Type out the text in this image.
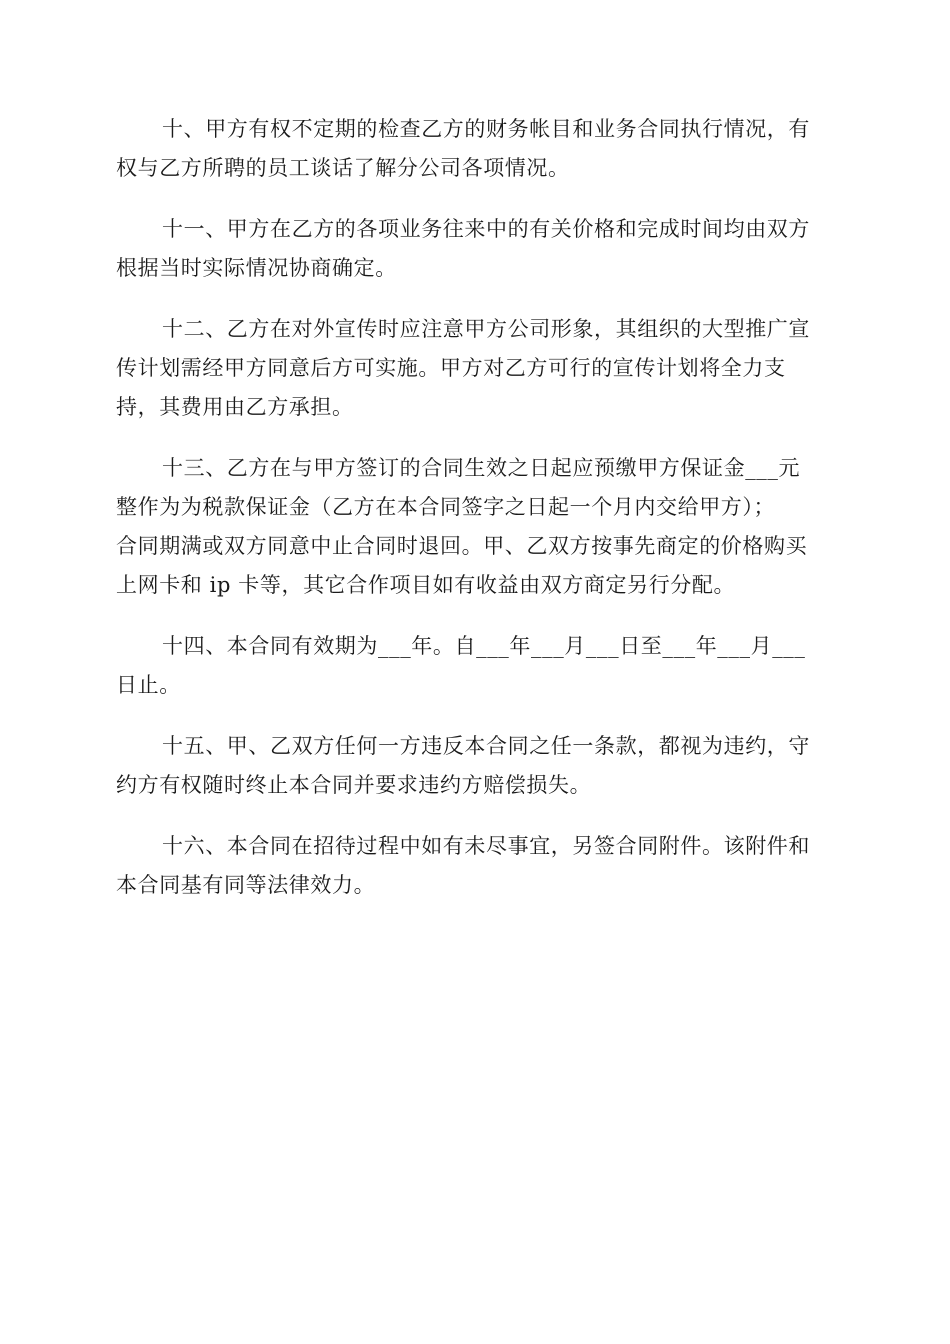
十、甲方有权不定期的检查乙方的财务帐目和业务合同执行情况，有
权与乙方所聘的员工谈话了解分公司各项情况。

十一、甲方在乙方的各项业务往来中的有关价格和完成时间均由双方
根据当时实际情况协商确定。

十二、乙方在对外宣传时应注意甲方公司形象，其组织的大型推广宣
传计划需经甲方同意后方可实施。甲方对乙方可行的宣传计划将全力支
持，其费用由乙方承担。

十三、乙方在与甲方签订的合同生效之日起应预缴甲方保证金___元
整作为为税款保证金（乙方在本合同签字之日起一个月内交给甲方）；
合同期满或双方同意中止合同时退回。甲、乙双方按事先商定的价格购买
上网卡和 ip 卡等，其它合作项目如有收益由双方商定另行分配。

十四、本合同有效期为___年。自___年___月___日至___年___月___
日止。

十五、甲、乙双方任何一方违反本合同之任一条款，都视为违约，守
约方有权随时终止本合同并要求违约方赔偿损失。

十六、本合同在招待过程中如有未尽事宜，另签合同附件。该附件和
本合同基有同等法律效力。
